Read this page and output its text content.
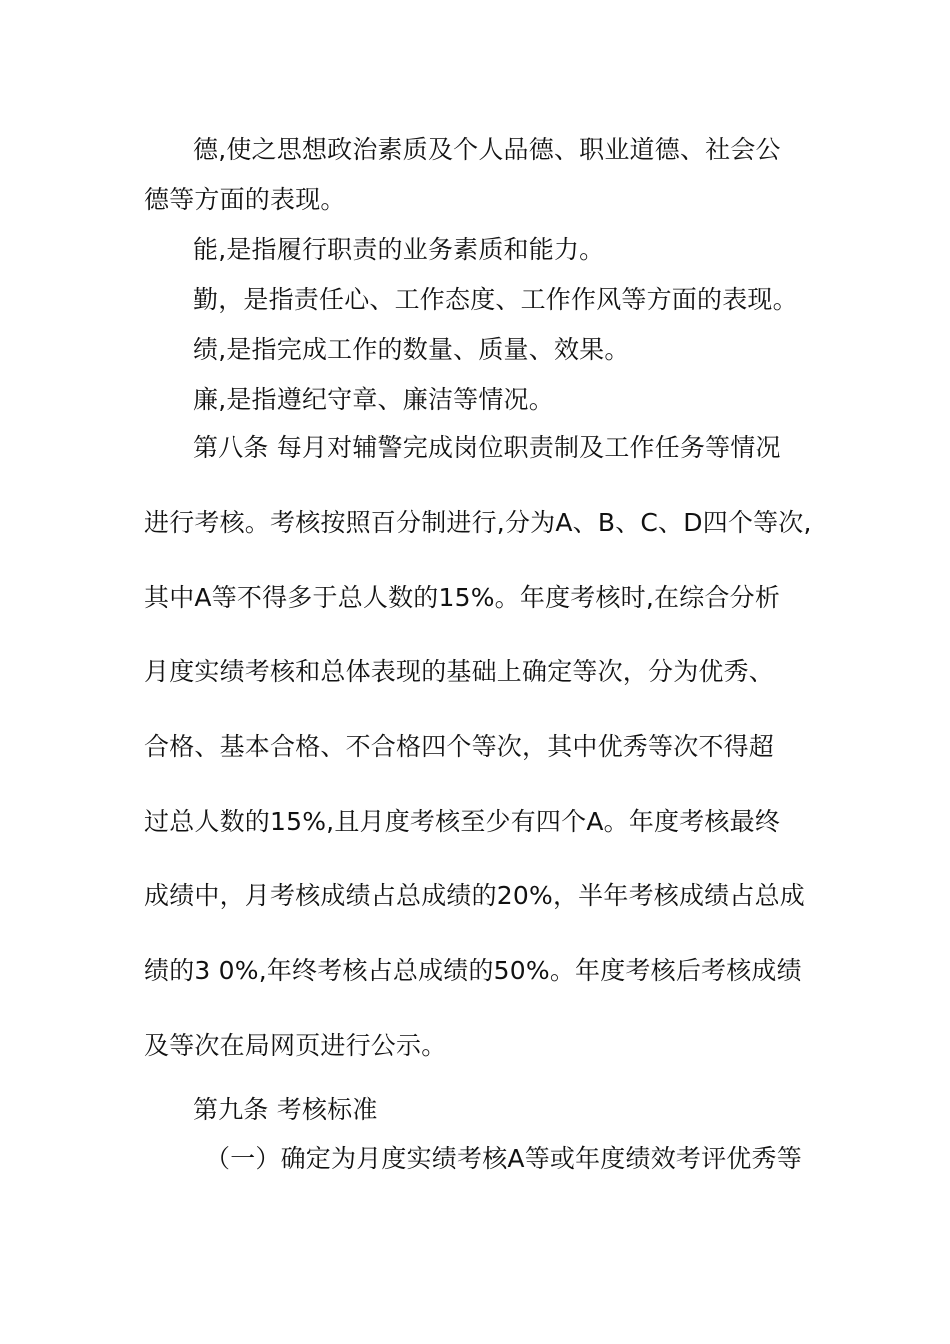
德,使之思想政治素质及个人品德、职业道德、社会公
德等方面的表现。
能,是指履行职责的业务素质和能力。
勤，是指责任心、工作态度、工作作风等方面的表现。
绩,是指完成工作的数量、质量、效果。
廉,是指遵纪守章、廉洁等情况。
第八条 每月对辅警完成岗位职责制及工作任务等情况
进行考核。考核按照百分制进行,分为A、B、C、D四个等次,
其中A等不得多于总人数的15%。年度考核时,在综合分析
月度实绩考核和总体表现的基础上确定等次，分为优秀、
合格、基本合格、不合格四个等次，其中优秀等次不得超
过总人数的15%,且月度考核至少有四个A。年度考核最终
成绩中，月考核成绩占总成绩的20%，半年考核成绩占总成
绩的3 0%,年终考核占总成绩的50%。年度考核后考核成绩
及等次在局网页进行公示。
第九条 考核标准
（一）确定为月度实绩考核A等或年度绩效考评优秀等
